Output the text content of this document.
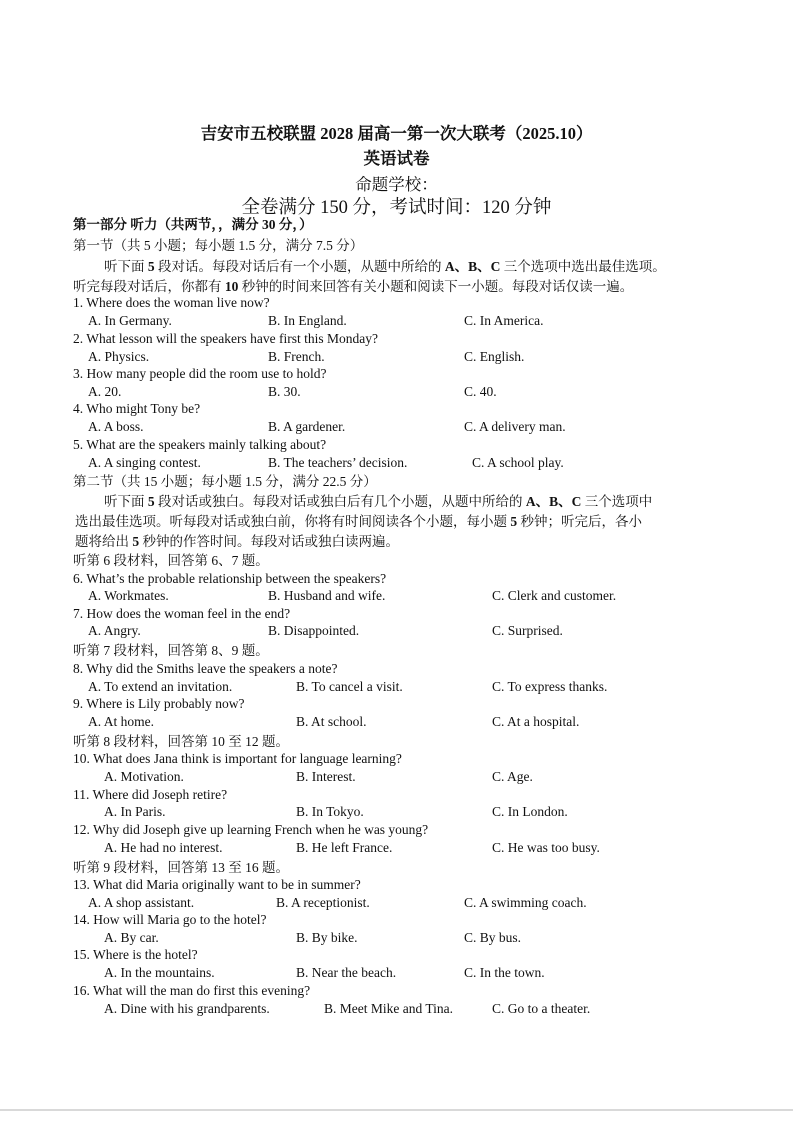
吉安市五校联盟 2028 届高一第一次大联考（2025.10）
英语试卷
命题学校：
全卷满分 150 分，考试时间：120 分钟
第一部分 听力（共两节，，满分 30 分，）
第一节（共 5 小题；每小题 1.5 分，满分 7.5 分）
听下面 5 段对话。每段对话后有一个小题，从题中所给的 A、B、C 三个选项中选出最佳选项。
听完每段对话后，你都有 10 秒钟的时间来回答有关小题和阅读下一小题。每段对话仅读一遍。
1. Where does the woman live now?
A. In Germany.	B. In England.	C. In America.
2. What lesson will the speakers have first this Monday?
A. Physics.	B. French.	C. English.
3. How many people did the room use to hold?
A. 20.	B. 30.	C. 40.
4. Who might Tony be?
A. A boss.	B. A gardener.	C. A delivery man.
5. What are the speakers mainly talking about?
A. A singing contest.	B. The teachers’ decision.	C. A school play.
第二节（共 15 小题；每小题 1.5 分，满分 22.5 分）
听下面 5 段对话或独白。每段对话或独白后有几个小题，从题中所给的 A、B、C 三个选项中
选出最佳选项。听每段对话或独白前，你将有时间阅读各个小题，每小题 5 秒钟；听完后，各小
题将给出 5 秒钟的作答时间。每段对话或独白读两遍。
听第 6 段材料，回答第 6、7 题。
6. What’s the probable relationship between the speakers?
A. Workmates.	B. Husband and wife.	C. Clerk and customer.
7. How does the woman feel in the end?
A. Angry.	B. Disappointed.	C. Surprised.
听第 7 段材料，回答第 8、9 题。
8. Why did the Smiths leave the speakers a note?
A. To extend an invitation.	B. To cancel a visit.	C. To express thanks.
9. Where is Lily probably now?
A. At home.	B. At school.	C. At a hospital.
听第 8 段材料，回答第 10 至 12 题。
10. What does Jana think is important for language learning?
A. Motivation.	B. Interest.	C. Age.
11. Where did Joseph retire?
A. In Paris.	B. In Tokyo.	C. In London.
12. Why did Joseph give up learning French when he was young?
A. He had no interest.	B. He left France.	C. He was too busy.
听第 9 段材料，回答第 13 至 16 题。
13. What did Maria originally want to be in summer?
A. A shop assistant.	B. A receptionist.	C. A swimming coach.
14. How will Maria go to the hotel?
A. By car.	B. By bike.	C. By bus.
15. Where is the hotel?
A. In the mountains.	B. Near the beach.	C. In the town.
16. What will the man do first this evening?
A. Dine with his grandparents.	B. Meet Mike and Tina.	C. Go to a theater.
